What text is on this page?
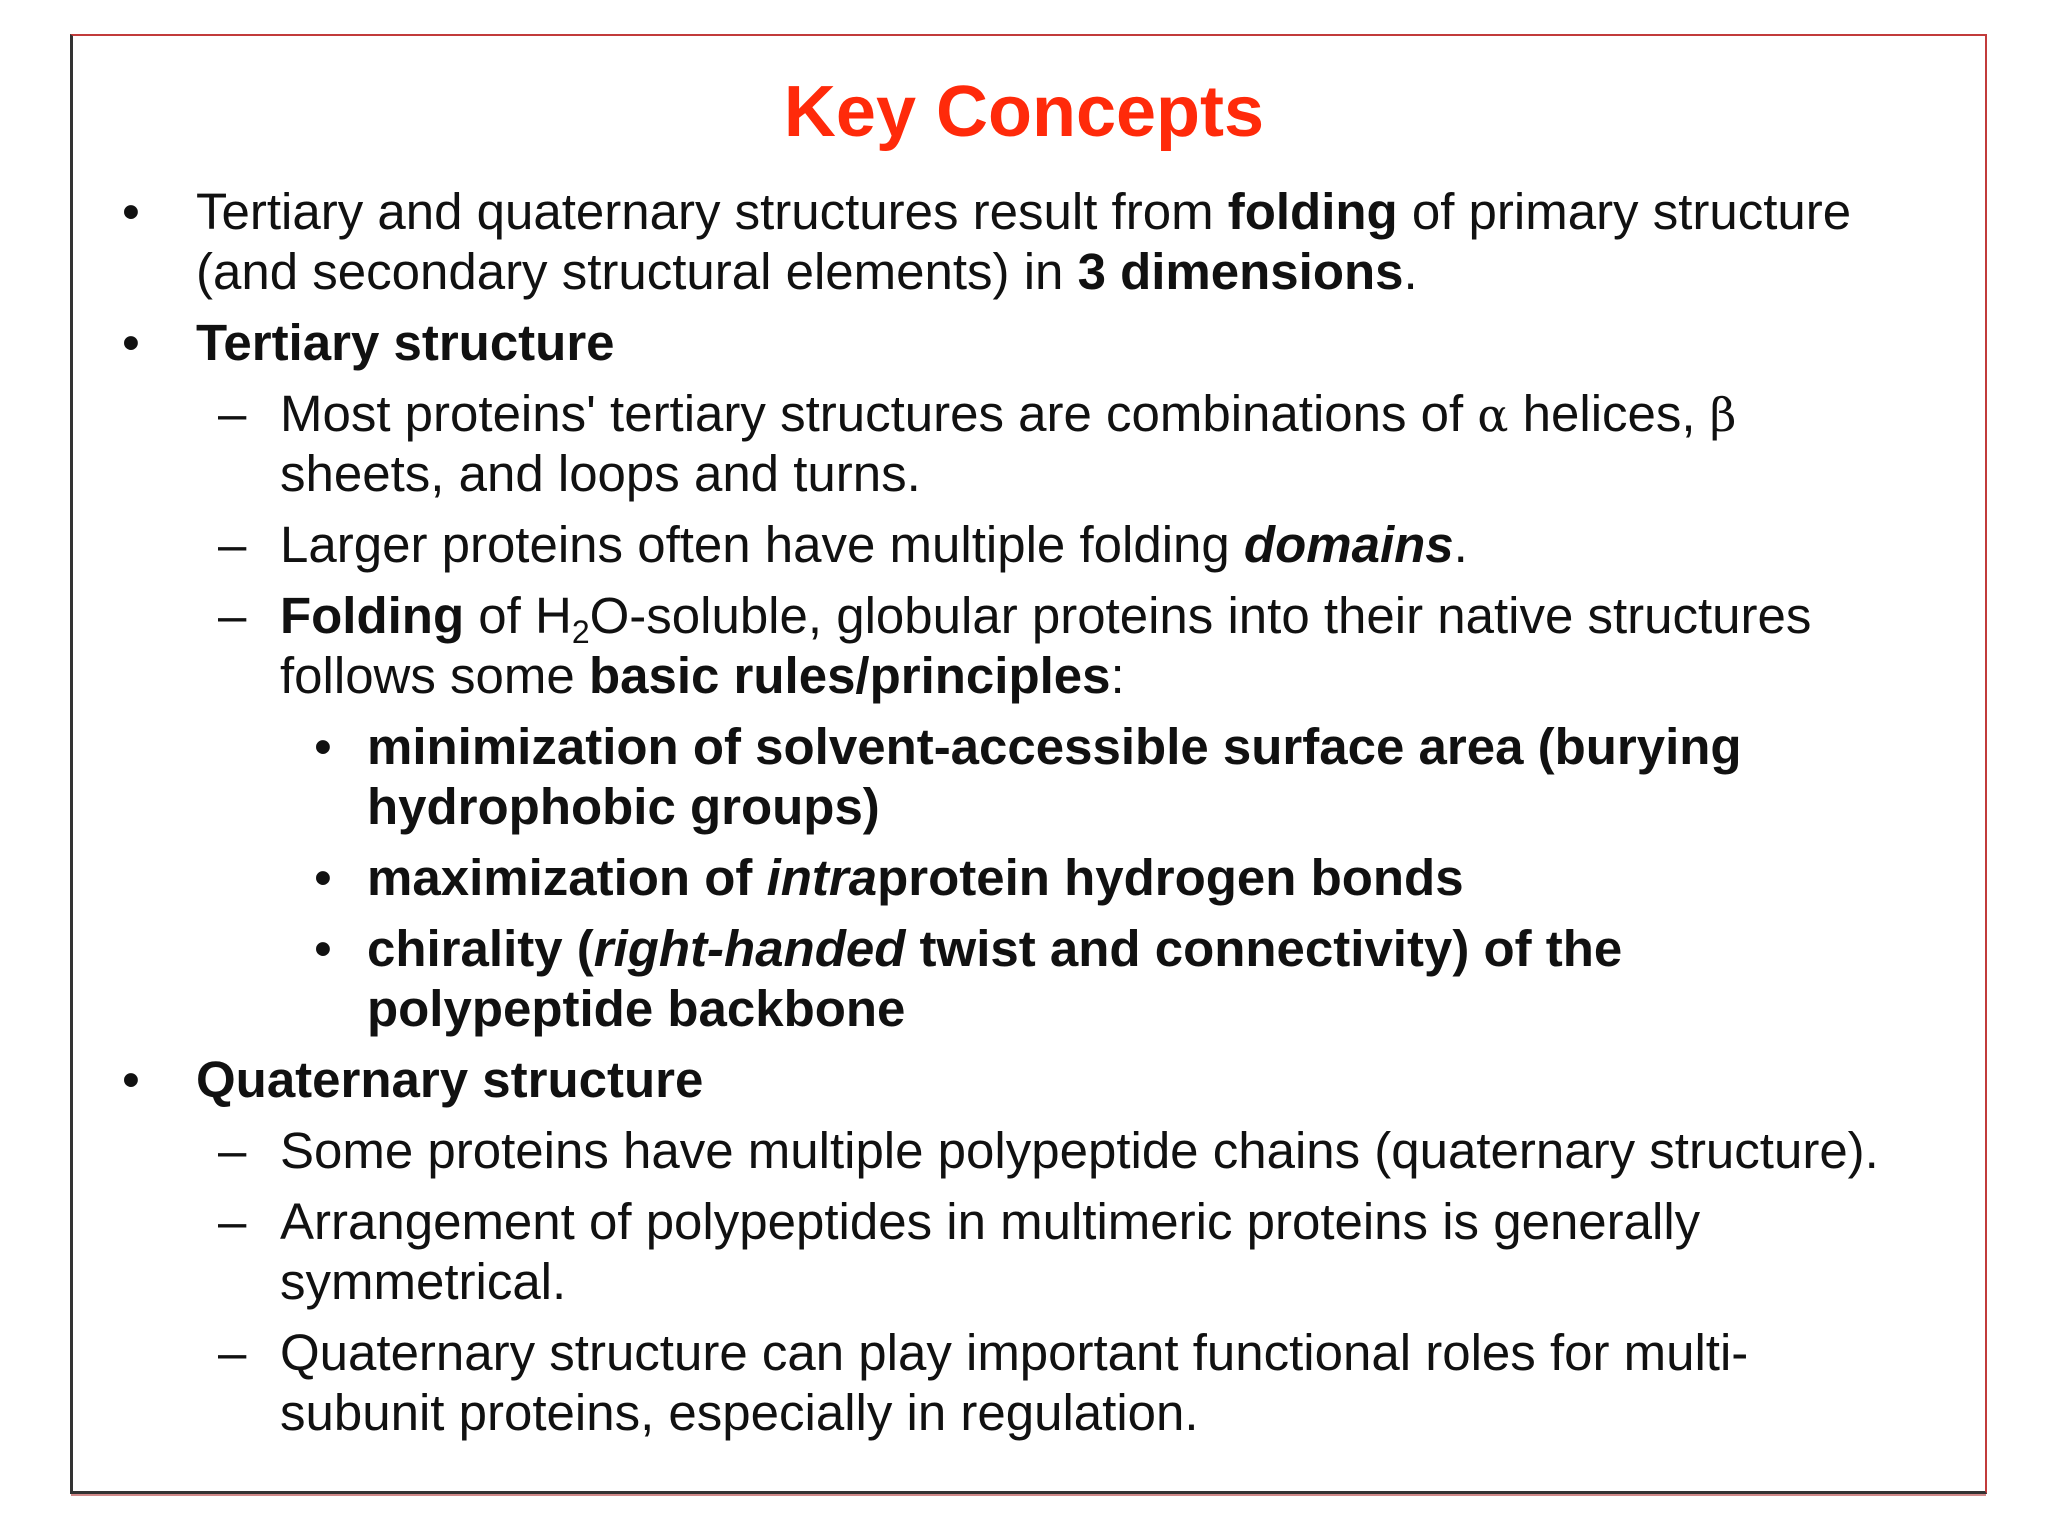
Key Concepts
• Tertiary and quaternary structures result from folding of primary structure
(and secondary structural elements) in 3 dimensions.
• Tertiary structure
– Most proteins' tertiary structures are combinations of α helices, β
sheets, and loops and turns.
– Larger proteins often have multiple folding domains.
– Folding of $H_2O$-soluble, globular proteins into their native structures
follows some basic rules/principles:
• minimization of solvent-accessible surface area (burying
hydrophobic groups)
• maximization of intraprotein hydrogen bonds
• chirality (right-handed twist and connectivity) of the
polypeptide backbone
• Quaternary structure
– Some proteins have multiple polypeptide chains (quaternary structure).
– Arrangement of polypeptides in multimeric proteins is generally
symmetrical.
– Quaternary structure can play important functional roles for multi-
subunit proteins, especially in regulation.
